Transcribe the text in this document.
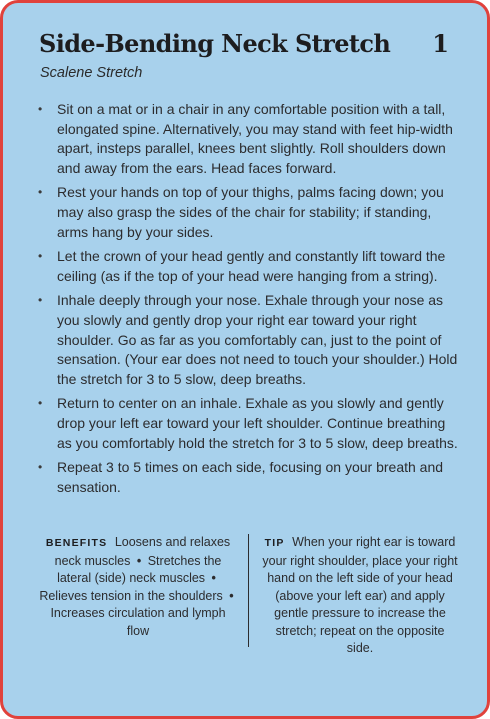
Side-Bending Neck Stretch 1
Scalene Stretch
• Sit on a mat or in a chair in any comfortable position with a tall, elongated spine. Alternatively, you may stand with feet hip-width apart, insteps parallel, knees bent slightly. Roll shoulders down and away from the ears. Head faces forward.
• Rest your hands on top of your thighs, palms facing down; you may also grasp the sides of the chair for stability; if standing, arms hang by your sides.
• Let the crown of your head gently and constantly lift toward the ceiling (as if the top of your head were hanging from a string).
• Inhale deeply through your nose. Exhale through your nose as you slowly and gently drop your right ear toward your right shoulder. Go as far as you comfortably can, just to the point of sensation. (Your ear does not need to touch your shoulder.) Hold the stretch for 3 to 5 slow, deep breaths.
• Return to center on an inhale. Exhale as you slowly and gently drop your left ear toward your left shoulder. Continue breathing as you comfortably hold the stretch for 3 to 5 slow, deep breaths.
• Repeat 3 to 5 times on each side, focusing on your breath and sensation.
BENEFITS Loosens and relaxes neck muscles • Stretches the lateral (side) neck muscles • Relieves tension in the shoulders • Increases circulation and lymph flow
TIP When your right ear is toward your right shoulder, place your right hand on the left side of your head (above your left ear) and apply gentle pressure to increase the stretch; repeat on the opposite side.
